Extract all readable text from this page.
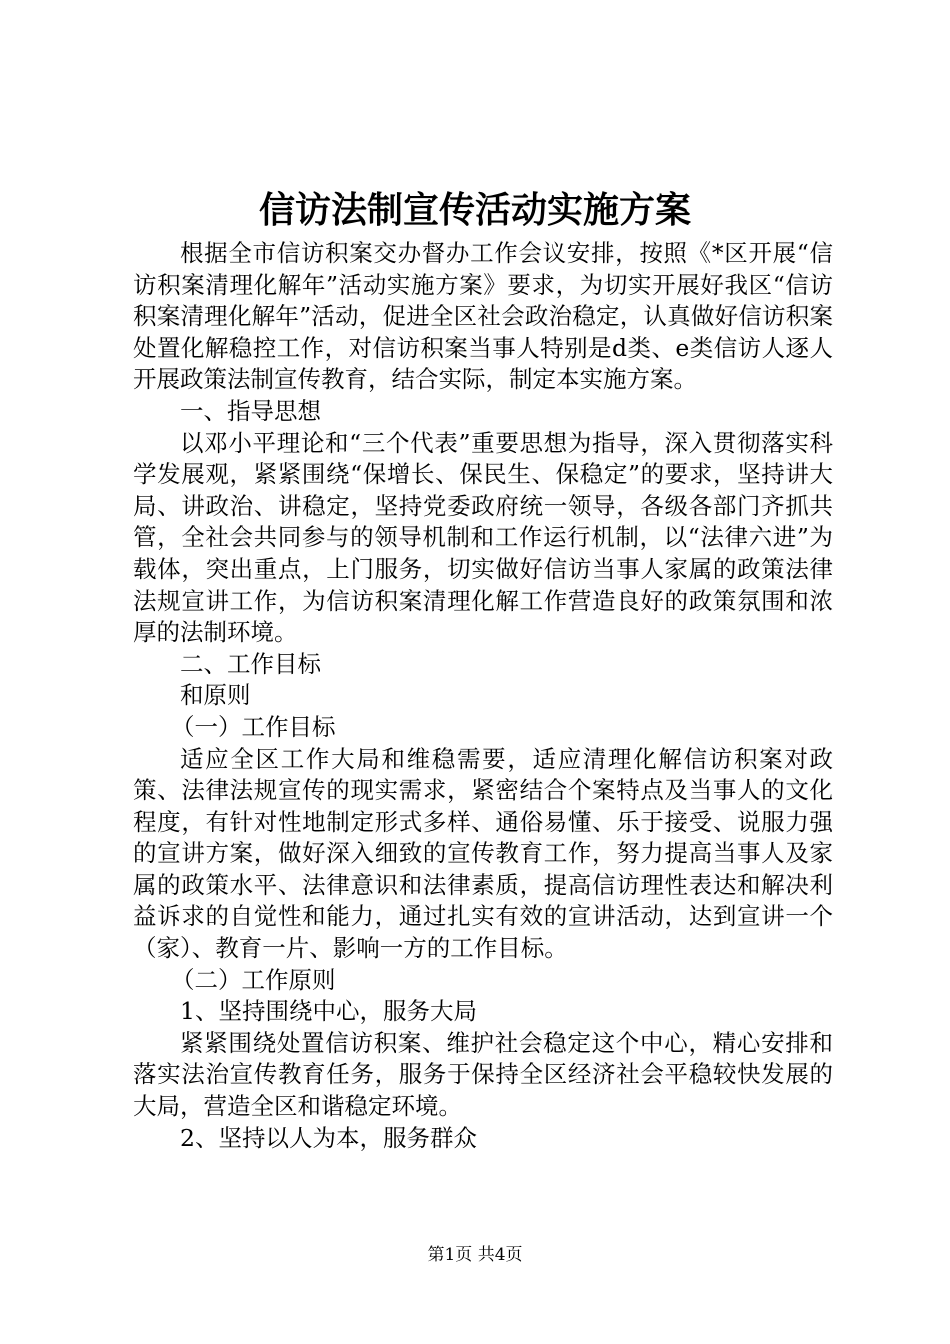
信访法制宣传活动实施方案

根据全市信访积案交办督办工作会议安排，按照《*区开展“信访积案清理化解年”活动实施方案》要求，为切实开展好我区“信访积案清理化解年”活动，促进全区社会政治稳定，认真做好信访积案处置化解稳控工作，对信访积案当事人特别是d类、e类信访人逐人开展政策法制宣传教育，结合实际，制定本实施方案。

一、指导思想

以邓小平理论和“三个代表”重要思想为指导，深入贯彻落实科学发展观，紧紧围绕“保增长、保民生、保稳定”的要求，坚持讲大局、讲政治、讲稳定，坚持党委政府统一领导，各级各部门齐抓共管，全社会共同参与的领导机制和工作运行机制，以“法律六进”为载体，突出重点，上门服务，切实做好信访当事人家属的政策法律法规宣讲工作，为信访积案清理化解工作营造良好的政策氛围和浓厚的法制环境。

二、工作目标

和原则

（一）工作目标

适应全区工作大局和维稳需要，适应清理化解信访积案对政策、法律法规宣传的现实需求，紧密结合个案特点及当事人的文化程度，有针对性地制定形式多样、通俗易懂、乐于接受、说服力强的宣讲方案，做好深入细致的宣传教育工作，努力提高当事人及家属的政策水平、法律意识和法律素质，提高信访理性表达和解决利益诉求的自觉性和能力，通过扎实有效的宣讲活动，达到宣讲一个（家）、教育一片、影响一方的工作目标。

（二）工作原则

1、坚持围绕中心，服务大局

紧紧围绕处置信访积案、维护社会稳定这个中心，精心安排和落实法治宣传教育任务，服务于保持全区经济社会平稳较快发展的大局，营造全区和谐稳定环境。

2、坚持以人为本，服务群众

第1页 共4页
